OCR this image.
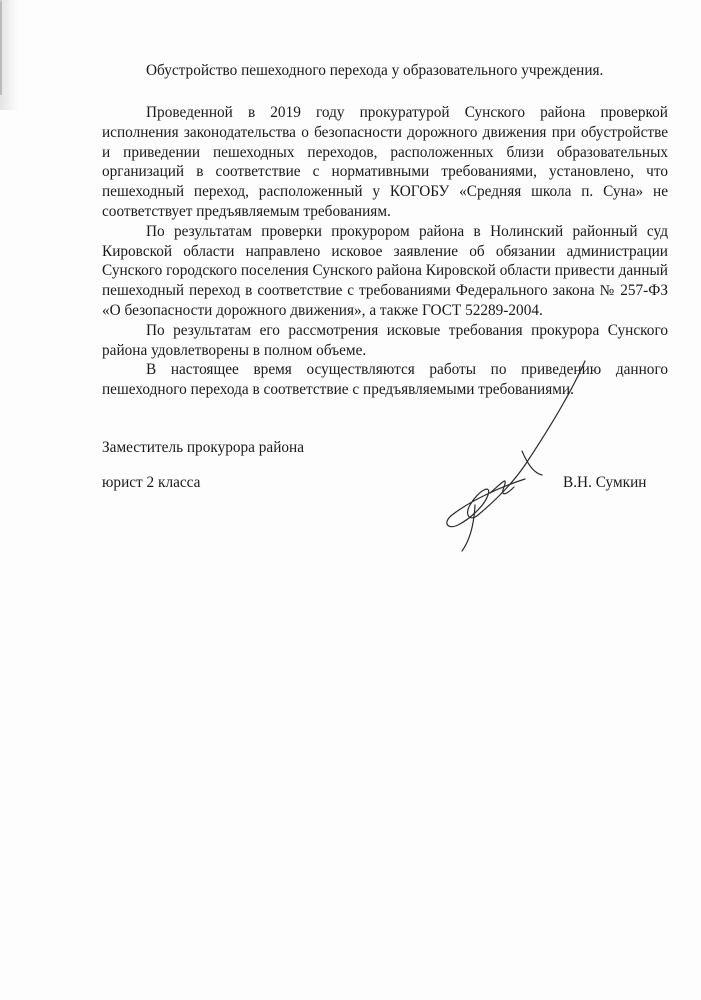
Обустройство пешеходного перехода у образовательного учреждения.

Проведенной в 2019 году прокуратурой Сунского района проверкой исполнения законодательства о безопасности дорожного движения при обустройстве и приведении пешеходных переходов, расположенных близи образовательных организаций в соответствие с нормативными требованиями, установлено, что пешеходный переход, расположенный у КОГОБУ «Средняя школа п. Суна» не соответствует предъявляемым требованиям.

По результатам проверки прокурором района в Нолинский районный суд Кировской области направлено исковое заявление об обязании администрации Сунского городского поселения Сунского района Кировской области привести данный пешеходный переход в соответствие с требованиями Федерального закона № 257-ФЗ «О безопасности дорожного движения», а также ГОСТ 52289-2004.

По результатам его рассмотрения исковые требования прокурора Сунского района удовлетворены в полном объеме.

В настоящее время осуществляются работы по приведению данного пешеходного перехода в соответствие с предъявляемыми требованиями.

Заместитель прокурора района
юрист 2 класса	В.Н. Сумкин
